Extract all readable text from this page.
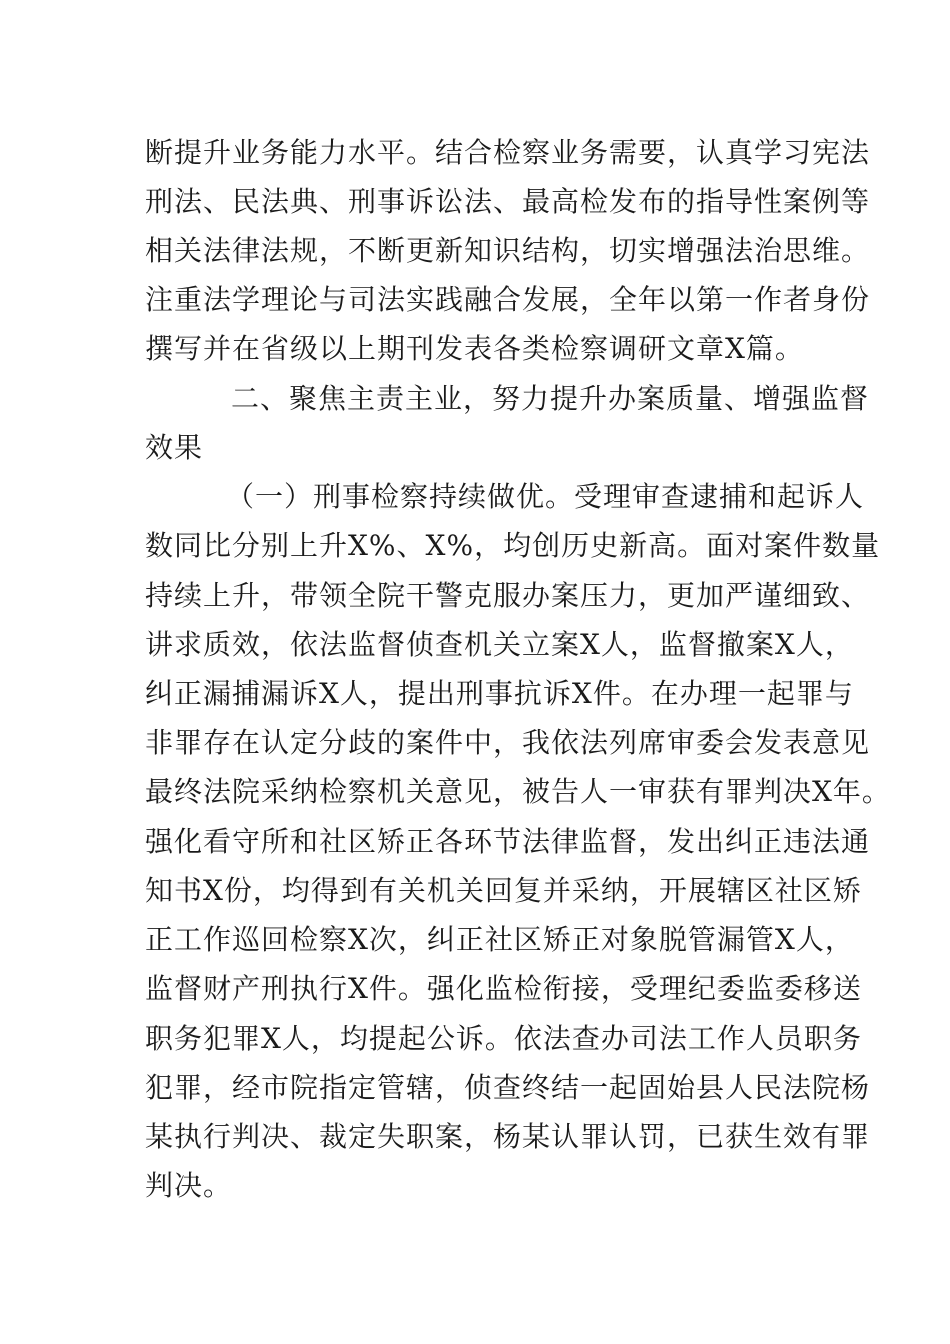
断提升业务能力水平。结合检察业务需要，认真学习宪法
刑法、民法典、刑事诉讼法、最高检发布的指导性案例等
相关法律法规，不断更新知识结构，切实增强法治思维。
注重法学理论与司法实践融合发展，全年以第一作者身份
撰写并在省级以上期刊发表各类检察调研文章X篇。
二、聚焦主责主业，努力提升办案质量、增强监督
效果
（一）刑事检察持续做优。受理审查逮捕和起诉人
数同比分别上升X%、X%，均创历史新高。面对案件数量
持续上升，带领全院干警克服办案压力，更加严谨细致、
讲求质效，依法监督侦查机关立案X人，监督撤案X人，
纠正漏捕漏诉X人，提出刑事抗诉X件。在办理一起罪与
非罪存在认定分歧的案件中，我依法列席审委会发表意见
最终法院采纳检察机关意见，被告人一审获有罪判决X年。
强化看守所和社区矫正各环节法律监督，发出纠正违法通
知书X份，均得到有关机关回复并采纳，开展辖区社区矫
正工作巡回检察X次，纠正社区矫正对象脱管漏管X人，
监督财产刑执行X件。强化监检衔接，受理纪委监委移送
职务犯罪X人，均提起公诉。依法查办司法工作人员职务
犯罪，经市院指定管辖，侦查终结一起固始县人民法院杨
某执行判决、裁定失职案，杨某认罪认罚，已获生效有罪
判决。
